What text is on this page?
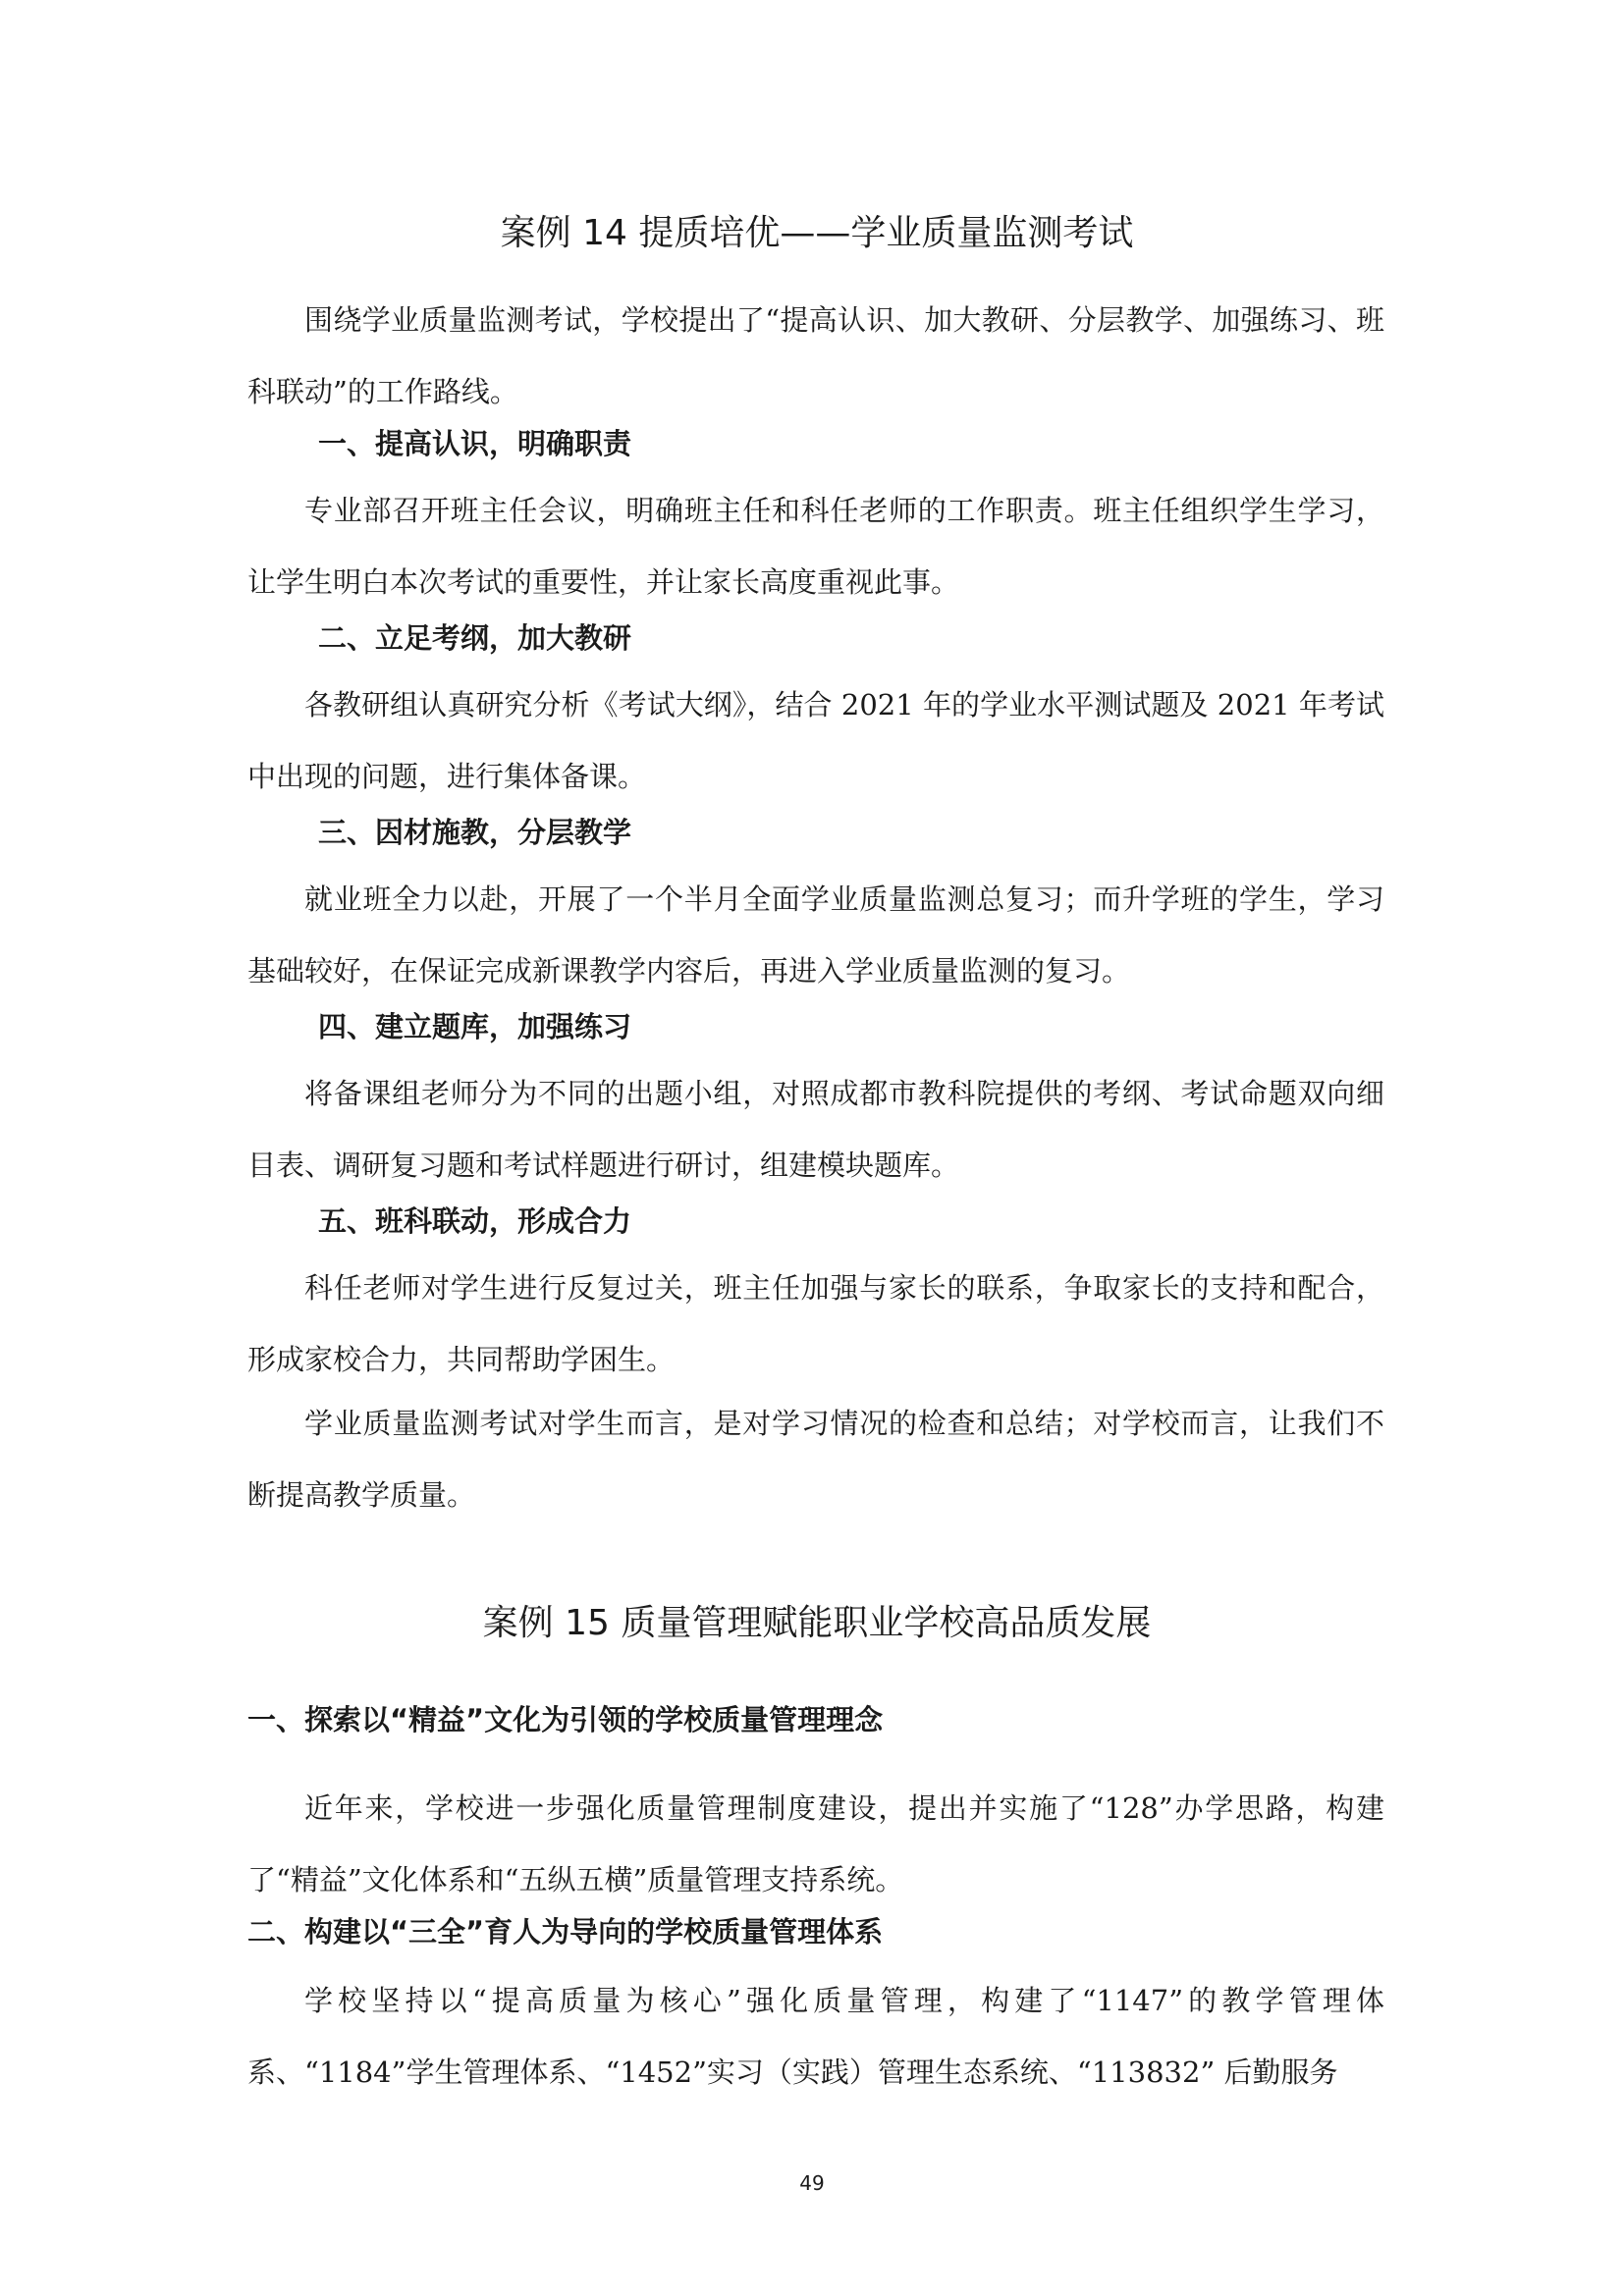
案例 14 提质培优——学业质量监测考试

围绕学业质量监测考试，学校提出了“提高认识、加大教研、分层教学、加强练习、班科联动”的工作路线。

一、提高认识，明确职责

专业部召开班主任会议，明确班主任和科任老师的工作职责。班主任组织学生学习，让学生明白本次考试的重要性，并让家长高度重视此事。

二、立足考纲，加大教研

各教研组认真研究分析《考试大纲》，结合 2021 年的学业水平测试题及 2021 年考试中出现的问题，进行集体备课。

三、因材施教，分层教学

就业班全力以赴，开展了一个半月全面学业质量监测总复习；而升学班的学生，学习基础较好，在保证完成新课教学内容后，再进入学业质量监测的复习。

四、建立题库，加强练习

将备课组老师分为不同的出题小组，对照成都市教科院提供的考纲、考试命题双向细目表、调研复习题和考试样题进行研讨，组建模块题库。

五、班科联动，形成合力

科任老师对学生进行反复过关，班主任加强与家长的联系，争取家长的支持和配合，形成家校合力，共同帮助学困生。

学业质量监测考试对学生而言，是对学习情况的检查和总结；对学校而言，让我们不断提高教学质量。

案例 15 质量管理赋能职业学校高品质发展
一、探索以“精益”文化为引领的学校质量管理理念

近年来，学校进一步强化质量管理制度建设，提出并实施了“128”办学思路，构建了“精益”文化体系和“五纵五横”质量管理支持系统。

二、构建以“三全”育人为导向的学校质量管理体系

学校坚持以“提高质量为核心”强化质量管理，构建了“1147”的教学管理体系、“1184”学生管理体系、“1452”实习（实践）管理生态系统、“113832” 后勤服务

49
